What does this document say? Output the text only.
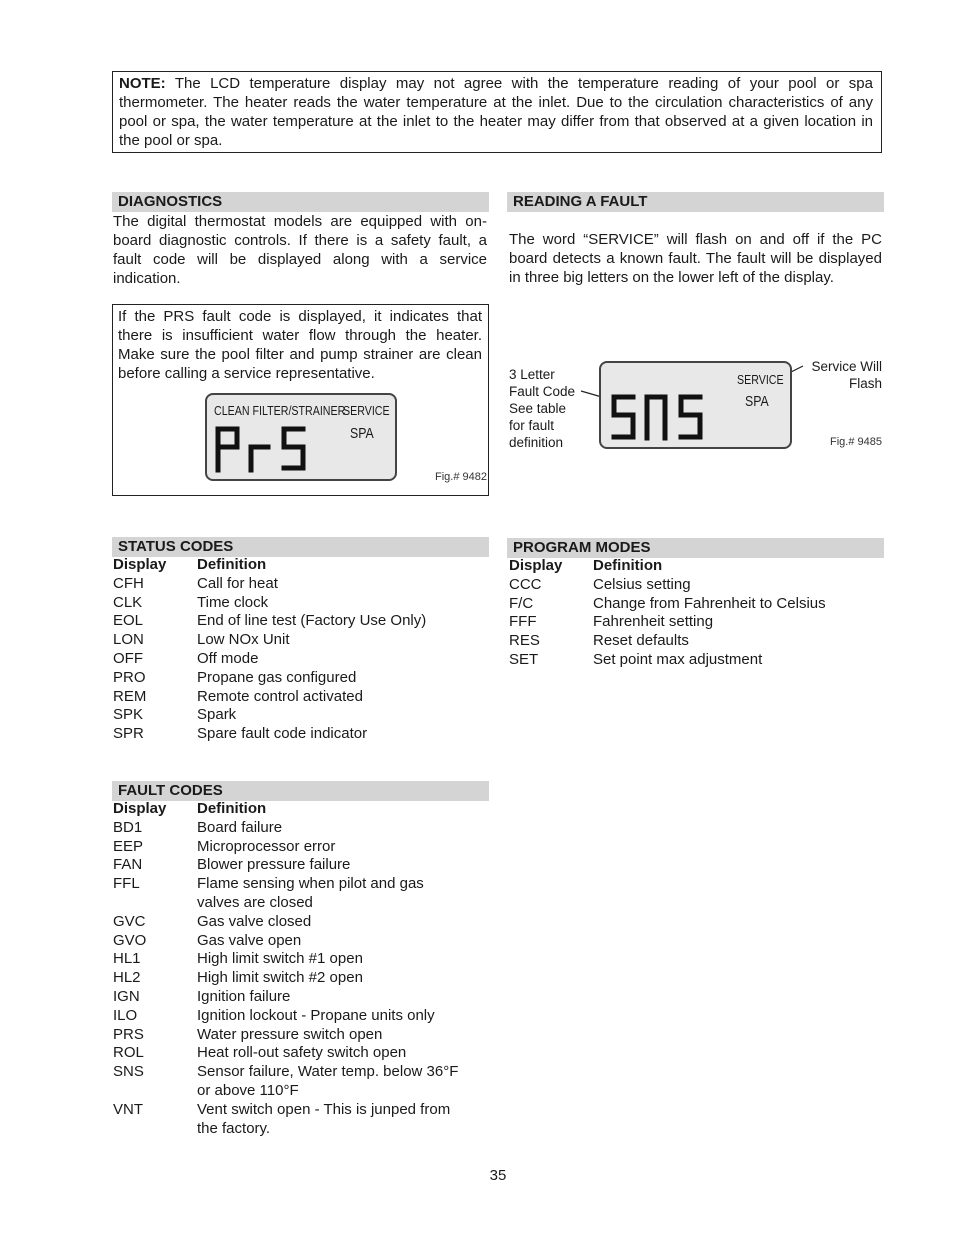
NOTE: The LCD temperature display may not agree with the temperature reading of your pool or spa thermometer. The heater reads the water temperature at the inlet. Due to the circulation characteristics of any pool or spa, the water temperature at the inlet to the heater may differ from that observed at a given location in the pool or spa.
DIAGNOSTICS
The digital thermostat models are equipped with on-board diagnostic controls. If there is a safety fault, a fault code will be displayed along with a service indication.
If the PRS fault code is displayed, it indicates that there is insufficient water flow through the heater. Make sure the pool filter and pump strainer are clean before calling a service representative.
CLEAN FILTER/STRAINER
SERVICE
SPA
Fig.# 9482
READING A FAULT
The word “SERVICE” will flash on and off if the PC board detects a known fault. The fault will be displayed in three big letters on the lower left of the display.
3 Letter
Fault Code
See table
for fault
definition
Service Will
Flash
SERVICE
SPA
Fig.# 9485
STATUS CODES
Display Definition
CFH	Call for heat
CLK	Time clock
EOL	End of line test (Factory Use Only)
LON	Low NOx Unit
OFF	Off mode
PRO	Propane gas configured
REM	Remote control activated
SPK	Spark
SPR	Spare fault code indicator
PROGRAM MODES
Display Definition
CCC	Celsius setting
F/C	Change from Fahrenheit to Celsius
FFF	Fahrenheit setting
RES	Reset defaults
SET	Set point max adjustment
FAULT CODES
Display Definition
BD1	Board failure
EEP	Microprocessor error
FAN	Blower pressure failure
FFL	Flame sensing when pilot and gas
valves are closed
GVC	Gas valve closed
GVO	Gas valve open
HL1	High limit switch #1 open
HL2	High limit switch #2 open
IGN	Ignition failure
ILO	Ignition lockout - Propane units only
PRS	Water pressure switch open
ROL	Heat roll-out safety switch open
SNS	Sensor failure, Water temp. below 36°F
or above 110°F
VNT	Vent switch open - This is junped from
the factory.
35
